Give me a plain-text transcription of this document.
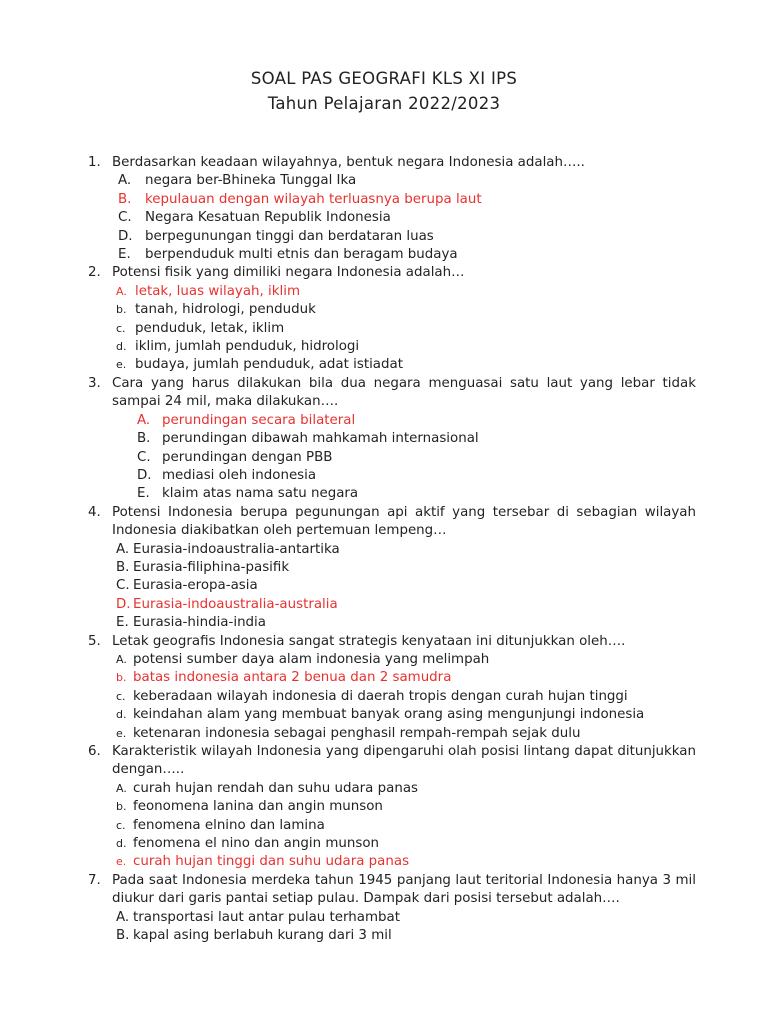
SOAL PAS GEOGRAFI KLS XI IPS
Tahun Pelajaran 2022/2023
1. Berdasarkan keadaan wilayahnya, bentuk negara Indonesia adalah…..
A. negara ber-Bhineka Tunggal Ika
B. kepulauan dengan wilayah terluasnya berupa laut
C. Negara Kesatuan Republik Indonesia
D. berpegunungan tinggi dan berdataran luas
E. berpenduduk multi etnis dan beragam budaya
2. Potensi fisik yang dimiliki negara Indonesia adalah…
A. letak, luas wilayah, iklim
b. tanah, hidrologi, penduduk
c. penduduk, letak, iklim
d. iklim, jumlah penduduk, hidrologi
e. budaya, jumlah penduduk, adat istiadat
3. Cara yang harus dilakukan bila dua negara menguasai satu laut yang lebar tidak sampai 24 mil, maka dilakukan….
A. perundingan secara bilateral
B. perundingan dibawah mahkamah internasional
C. perundingan dengan PBB
D. mediasi oleh indonesia
E. klaim atas nama satu negara
4. Potensi Indonesia berupa pegunungan api aktif yang tersebar di sebagian wilayah Indonesia diakibatkan oleh pertemuan lempeng…
A. Eurasia-indoaustralia-antartika
B. Eurasia-filiphina-pasifik
C. Eurasia-eropa-asia
D. Eurasia-indoaustralia-australia
E. Eurasia-hindia-india
5. Letak geografis Indonesia sangat strategis kenyataan ini ditunjukkan oleh….
A. potensi sumber daya alam indonesia yang melimpah
b. batas indonesia antara 2 benua dan 2 samudra
c. keberadaan wilayah indonesia di daerah tropis dengan curah hujan tinggi
d. keindahan alam yang membuat banyak orang asing mengunjungi indonesia
e. ketenaran indonesia sebagai penghasil rempah-rempah sejak dulu
6. Karakteristik wilayah Indonesia yang dipengaruhi olah posisi lintang dapat ditunjukkan dengan…..
A. curah hujan rendah dan suhu udara panas
b. feonomena lanina dan angin munson
c. fenomena elnino dan lamina
d. fenomena el nino dan angin munson
e. curah hujan tinggi dan suhu udara panas
7. Pada saat Indonesia merdeka tahun 1945 panjang laut teritorial Indonesia hanya 3 mil diukur dari garis pantai setiap pulau. Dampak dari posisi tersebut adalah….
A. transportasi laut antar pulau terhambat
B. kapal asing berlabuh kurang dari 3 mil
